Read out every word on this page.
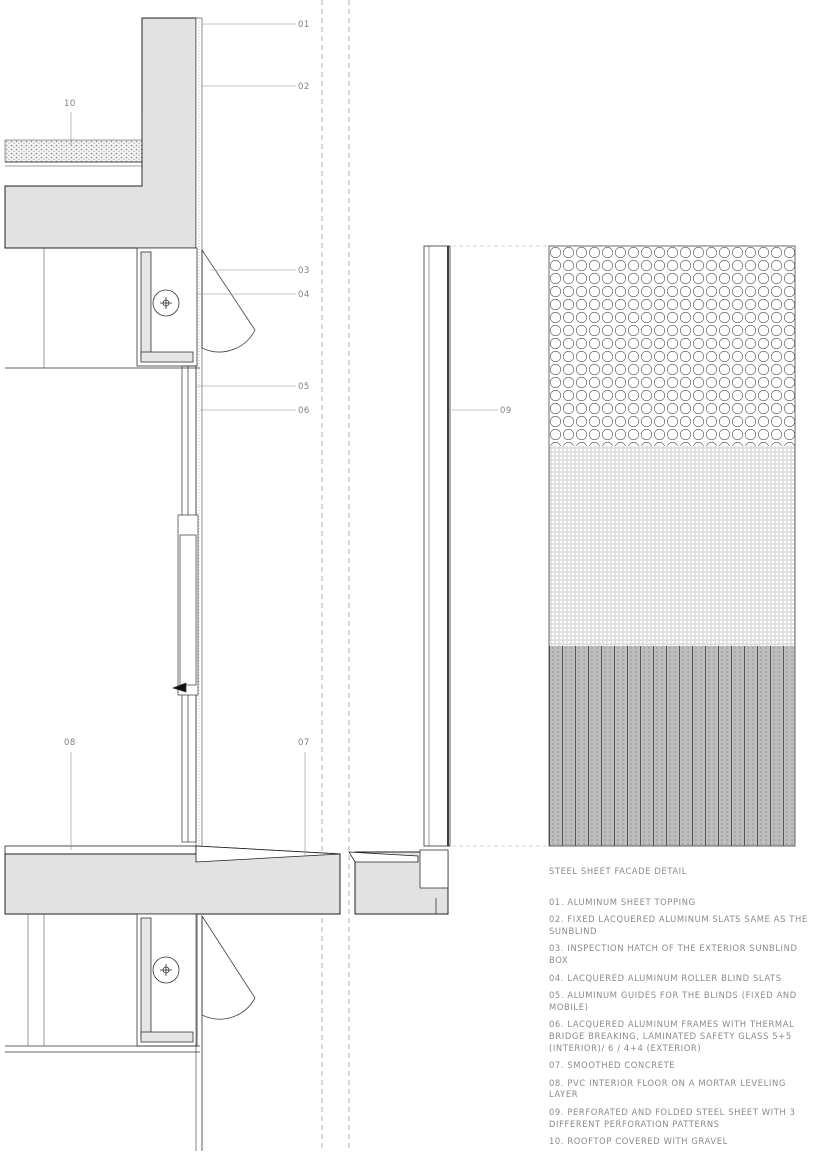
01
02
03
04
05
06
07
08
09
10
STEEL SHEET FACADE DETAIL
01. ALUMINUM SHEET TOPPING
02. FIXED LACQUERED ALUMINUM SLATS SAME AS THE SUNBLIND
03. INSPECTION HATCH OF THE EXTERIOR SUNBLIND BOX
04. LACQUERED ALUMINUM ROLLER BLIND SLATS
05. ALUMINUM GUIDES FOR THE BLINDS (FIXED AND MOBILE)
06. LACQUERED ALUMINUM FRAMES WITH THERMAL BRIDGE BREAKING, LAMINATED SAFETY GLASS 5+5 (INTERIOR)/ 6 / 4+4 (EXTERIOR)
07. SMOOTHED CONCRETE
08. PVC INTERIOR FLOOR ON A MORTAR LEVELING LAYER
09. PERFORATED AND FOLDED STEEL SHEET WITH 3 DIFFERENT PERFORATION PATTERNS
10. ROOFTOP COVERED WITH GRAVEL
